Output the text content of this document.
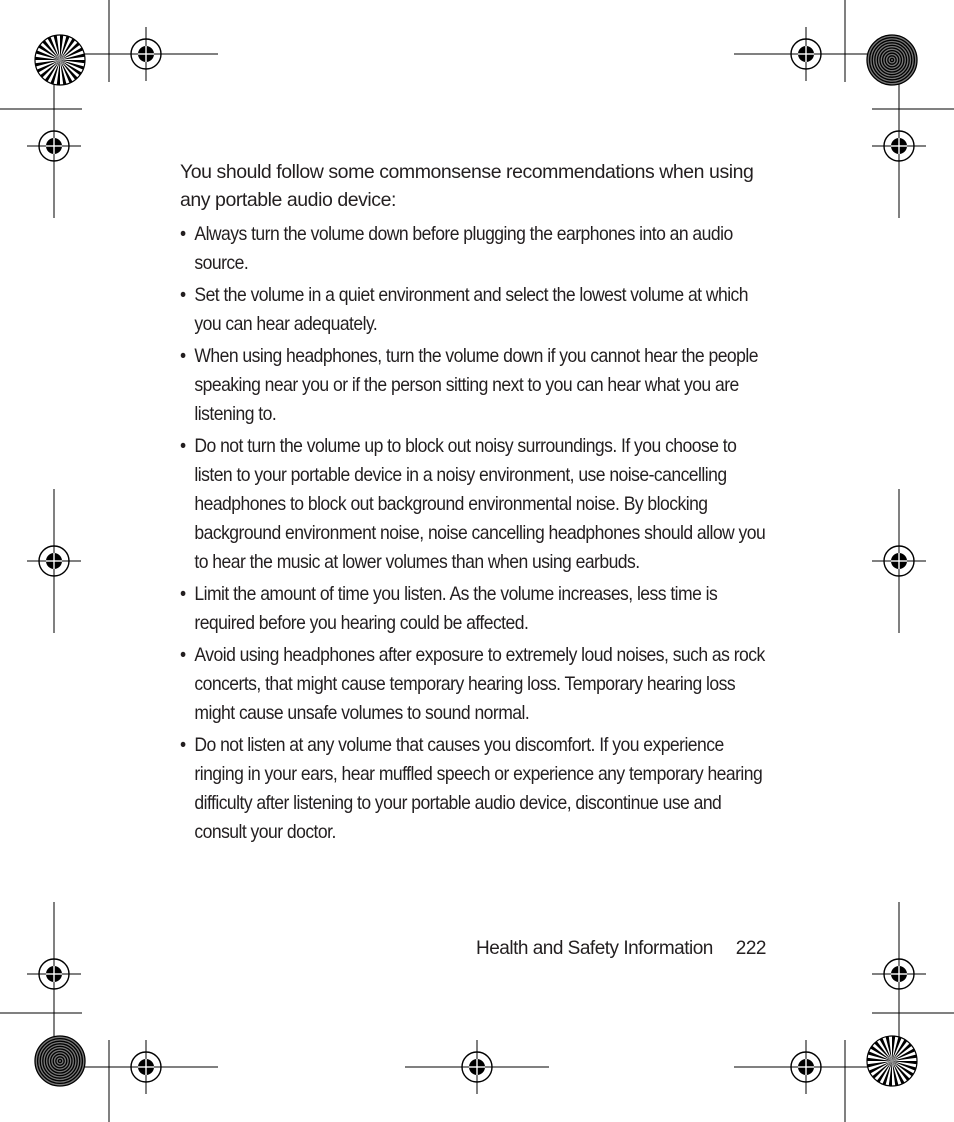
You should follow some commonsense recommendations when using any portable audio device:

• Always turn the volume down before plugging the earphones into an audio source.
• Set the volume in a quiet environment and select the lowest volume at which you can hear adequately.
• When using headphones, turn the volume down if you cannot hear the people speaking near you or if the person sitting next to you can hear what you are listening to.
• Do not turn the volume up to block out noisy surroundings. If you choose to listen to your portable device in a noisy environment, use noise-cancelling headphones to block out background environmental noise. By blocking background environment noise, noise cancelling headphones should allow you to hear the music at lower volumes than when using earbuds.
• Limit the amount of time you listen. As the volume increases, less time is required before you hearing could be affected.
• Avoid using headphones after exposure to extremely loud noises, such as rock concerts, that might cause temporary hearing loss. Temporary hearing loss might cause unsafe volumes to sound normal.
• Do not listen at any volume that causes you discomfort. If you experience ringing in your ears, hear muffled speech or experience any temporary hearing difficulty after listening to your portable audio device, discontinue use and consult your doctor.
Health and Safety Information 222
